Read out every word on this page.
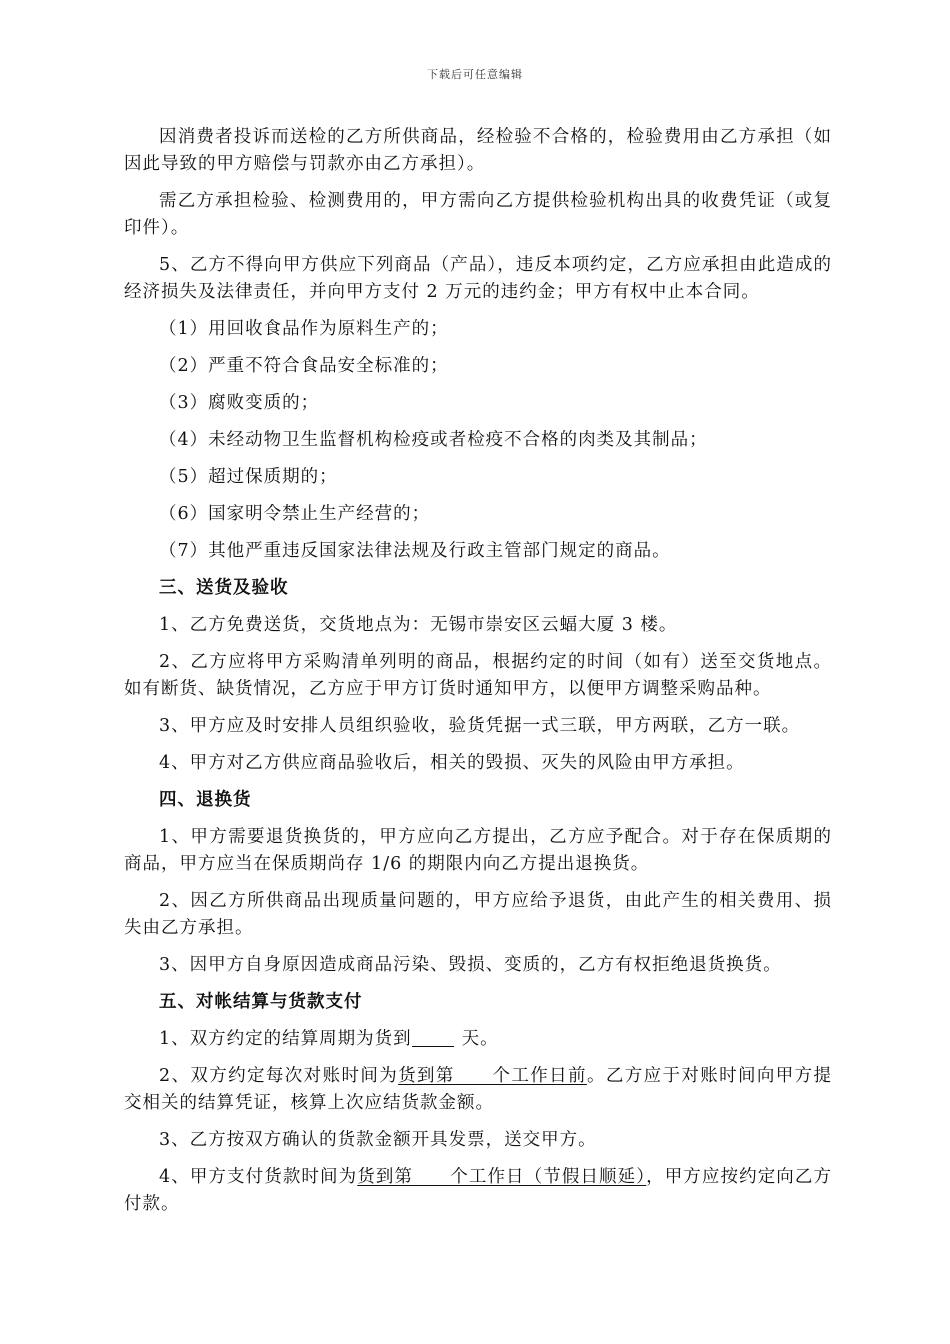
下载后可任意编辑

因消费者投诉而送检的乙方所供商品，经检验不合格的，检验费用由乙方承担（如因此导致的甲方赔偿与罚款亦由乙方承担）。

需乙方承担检验、检测费用的，甲方需向乙方提供检验机构出具的收费凭证（或复印件）。

5、乙方不得向甲方供应下列商品（产品），违反本项约定，乙方应承担由此造成的经济损失及法律责任，并向甲方支付 2 万元的违约金；甲方有权中止本合同。

（1）用回收食品作为原料生产的；

（2）严重不符合食品安全标准的；

（3）腐败变质的；

（4）未经动物卫生监督机构检疫或者检疫不合格的肉类及其制品；

（5）超过保质期的；

（6）国家明令禁止生产经营的；

（7）其他严重违反国家法律法规及行政主管部门规定的商品。

三、送货及验收

1、乙方免费送货，交货地点为：无锡市崇安区云蝠大厦 3 楼。

2、乙方应将甲方采购清单列明的商品，根据约定的时间（如有）送至交货地点。如有断货、缺货情况，乙方应于甲方订货时通知甲方，以便甲方调整采购品种。

3、甲方应及时安排人员组织验收，验货凭据一式三联，甲方两联，乙方一联。

4、甲方对乙方供应商品验收后，相关的毁损、灭失的风险由甲方承担。

四、退换货

1、甲方需要退货换货的，甲方应向乙方提出，乙方应予配合。对于存在保质期的商品，甲方应当在保质期尚存 1/6 的期限内向乙方提出退换货。

2、因乙方所供商品出现质量问题的，甲方应给予退货，由此产生的相关费用、损失由乙方承担。

3、因甲方自身原因造成商品污染、毁损、变质的，乙方有权拒绝退货换货。

五、对帐结算与货款支付

1、双方约定的结算周期为货到	天。

2、双方约定每次对账时间为货到第　　个工作日前。乙方应于对账时间向甲方提交相关的结算凭证，核算上次应结货款金额。

3、乙方按双方确认的货款金额开具发票，送交甲方。

4、甲方支付货款时间为货到第　　个工作日（节假日顺延），甲方应按约定向乙方付款。
